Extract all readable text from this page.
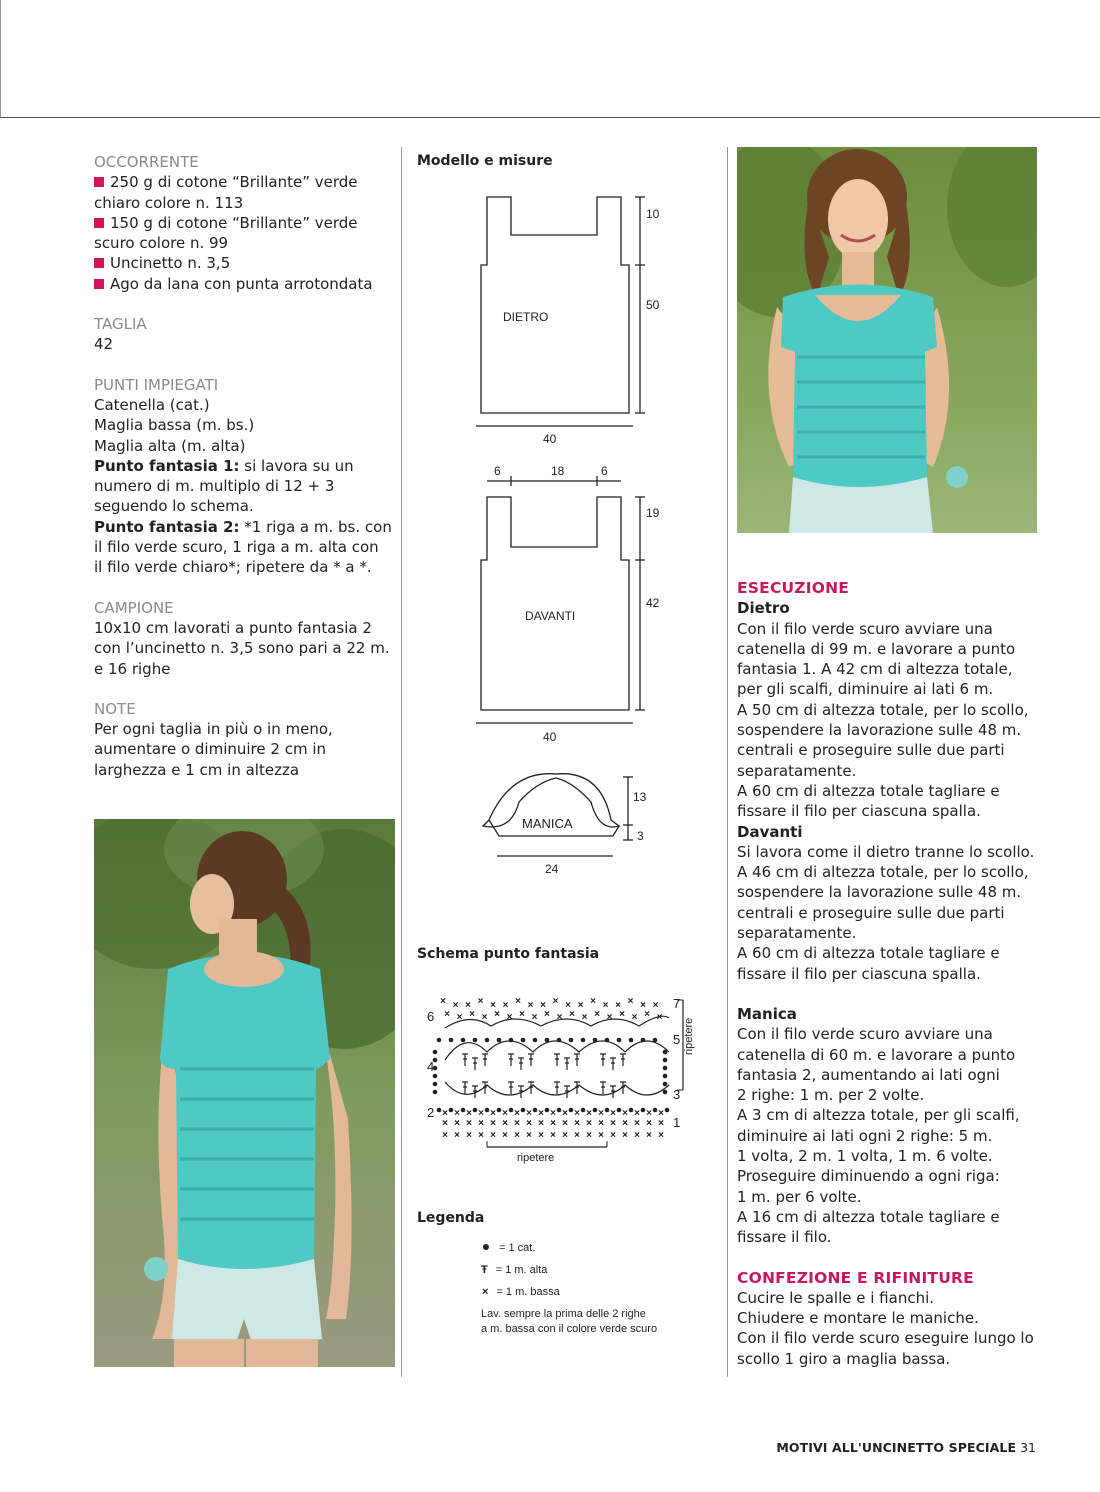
OCCORRENTE

250 g di cotone “Brillante” verde

chiaro colore n. 113

150 g di cotone “Brillante” verde

scuro colore n. 99

Uncinetto n. 3,5

Ago da lana con punta arrotondata

TAGLIA

42

PUNTI IMPIEGATI

Catenella (cat.)

Maglia bassa (m. bs.)

Maglia alta (m. alta)

Punto fantasia 1: si lavora su un

numero di m. multiplo di 12 + 3

seguendo lo schema.

Punto fantasia 2: *1 riga a m. bs. con

il filo verde scuro, 1 riga a m. alta con

il filo verde chiaro*; ripetere da * a *.

CAMPIONE

10x10 cm lavorati a punto fantasia 2

con l’uncinetto n. 3,5 sono pari a 22 m.

e 16 righe

NOTE

Per ogni taglia in più o in meno,

aumentare o diminuire 2 cm in

larghezza e 1 cm in altezza

Modello e misure
DIETRO
10
50
40
6	18	6
19
42
DAVANTI
40
MANICA
13
3
24
Schema punto fantasia
×
×
×
×
×
×
×
×
×
×
×
×
×
×
×
×
×
×
×
×
×
×
×
×
×
×
×
×
×
×
×
×
×
×
×
×
×
×
×
×
×
×
×
×
×
×
×
×
×
×
×
×
×
×
×
×
×
× × × × × × × × × × × × × × × × × ×
× × × × × × × × × × × × × × × × × ×
6
4
2
7
5
3
1
ripetere
ripetere
Legenda
= 1 cat.
Ŧ = 1 m. alta
× = 1 m. bassa
Lav. sempre la prima delle 2 righe
a m. bassa con il colore verde scuro

ESECUZIONE

Dietro

Con il filo verde scuro avviare una

catenella di 99 m. e lavorare a punto

fantasia 1. A 42 cm di altezza totale,

per gli scalfi, diminuire ai lati 6 m.

A 50 cm di altezza totale, per lo scollo,

sospendere la lavorazione sulle 48 m.

centrali e proseguire sulle due parti

separatamente.

A 60 cm di altezza totale tagliare e

fissare il filo per ciascuna spalla.

Davanti

Si lavora come il dietro tranne lo scollo.

A 46 cm di altezza totale, per lo scollo,

sospendere la lavorazione sulle 48 m.

centrali e proseguire sulle due parti

separatamente.

A 60 cm di altezza totale tagliare e

fissare il filo per ciascuna spalla.

Manica

Con il filo verde scuro avviare una

catenella di 60 m. e lavorare a punto

fantasia 2, aumentando ai lati ogni

2 righe: 1 m. per 2 volte.

A 3 cm di altezza totale, per gli scalfi,

diminuire ai lati ogni 2 righe: 5 m.

1 volta, 2 m. 1 volta, 1 m. 6 volte.

Proseguire diminuendo a ogni riga:

1 m. per 6 volte.

A 16 cm di altezza totale tagliare e

fissare il filo.

CONFEZIONE E RIFINITURE

Cucire le spalle e i fianchi.

Chiudere e montare le maniche.

Con il filo verde scuro eseguire lungo lo

scollo 1 giro a maglia bassa.

MOTIVI ALL'UNCINETTO SPECIALE 31
